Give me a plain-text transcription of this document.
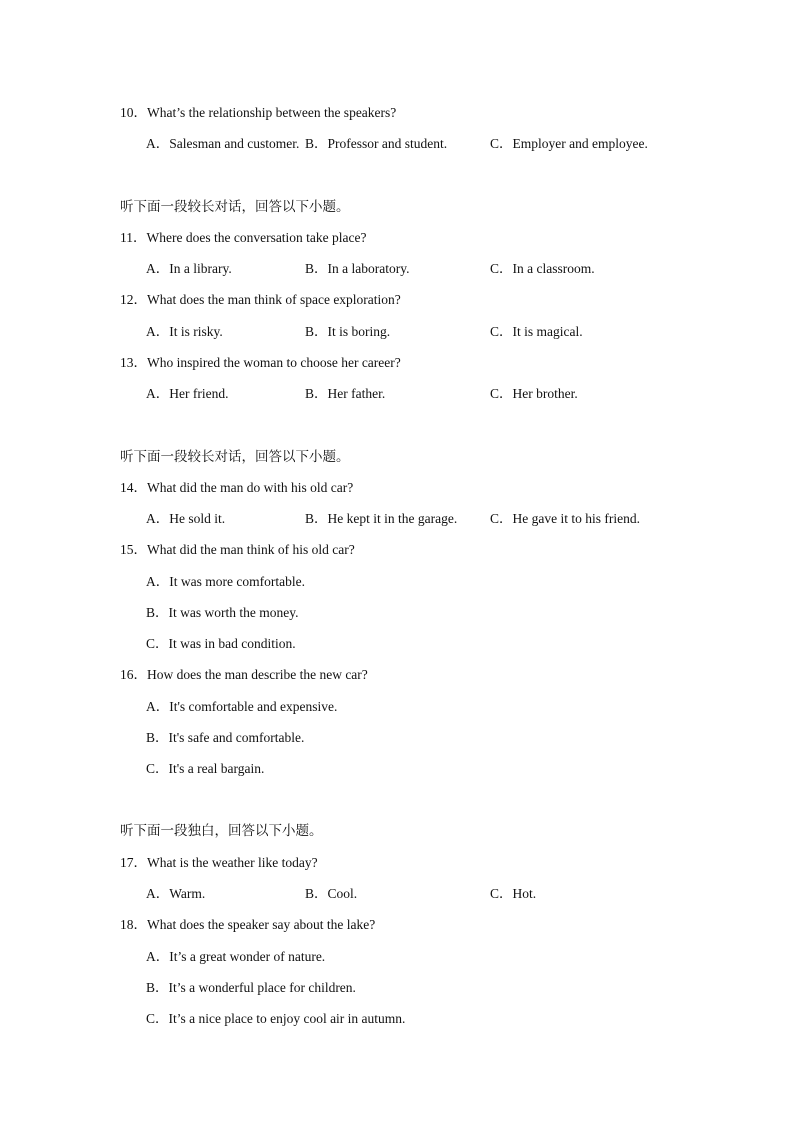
10．What’s the relationship between the speakers?
A．Salesman and customer. B．Professor and student.	C．Employer and employee.
听下面一段较长对话，回答以下小题。
11．Where does the conversation take place?
A．In a library.	B．In a laboratory.	C．In a classroom.
12．What does the man think of space exploration?
A．It is risky.	B．It is boring.	C．It is magical.
13．Who inspired the woman to choose her career?
A．Her friend.	B．Her father.	C．Her brother.
听下面一段较长对话，回答以下小题。
14．What did the man do with his old car?
A．He sold it.	B．He kept it in the garage. C．He gave it to his friend.
15．What did the man think of his old car?
A．It was more comfortable.
B．It was worth the money.
C．It was in bad condition.
16．How does the man describe the new car?
A．It's comfortable and expensive.
B．It's safe and comfortable.
C．It's a real bargain.
听下面一段独白，回答以下小题。
17．What is the weather like today?
A．Warm.	B．Cool.	C．Hot.
18．What does the speaker say about the lake?
A．It’s a great wonder of nature.
B．It’s a wonderful place for children.
C．It’s a nice place to enjoy cool air in autumn.
